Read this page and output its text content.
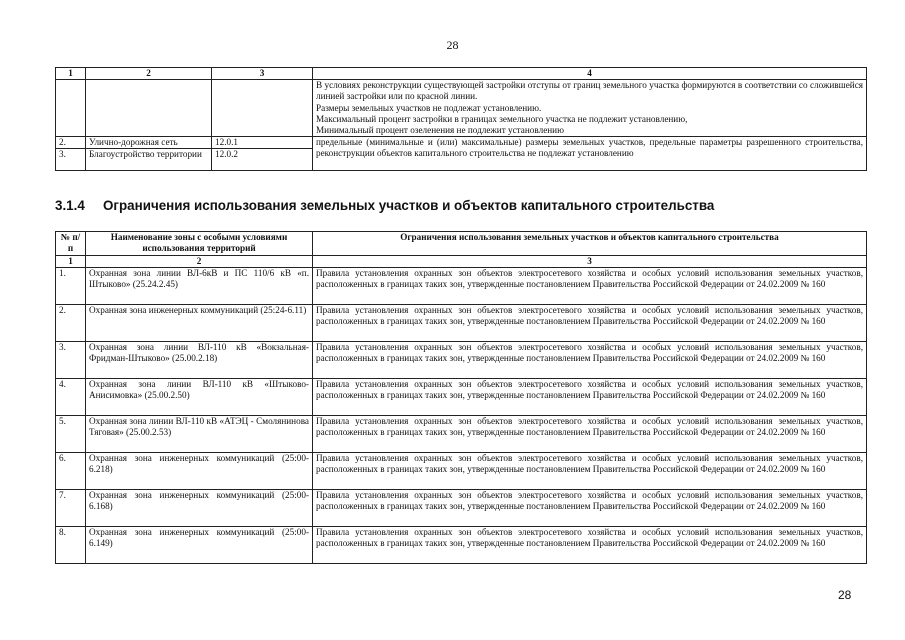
28
1	2	3	4
			В условиях реконструкции существующей застройки отступы от границ земельного участка формируются в соответствии со сложившейся линией застройки или по красной линии.
Размеры земельных участков не подлежат установлению.
Максимальный процент застройки в границах земельного участка не подлежит установлению,
Минимальный процент озеленения не подлежит установлению
2.	Улично-дорожная сеть	12.0.1	предельные (минимальные и (или) максимальные) размеры земельных участков, предельные параметры разрешенного строительства, реконструкции объектов капитального строительства не подлежат установлению
3.	Благоустройство территории	12.0.2	
3.1.4 Ограничения использования земельных участков и объектов капитального строительства
№ п/п	Наименование зоны с особыми условиями использования территорий	Ограничения использования земельных участков и объектов капитального строительства
1	2	3
1.	Охранная зона линии ВЛ-6кВ и ПС 110/6 кВ «п. Штыково» (25.24.2.45)	Правила установления охранных зон объектов электросетевого хозяйства и особых условий использования земельных участков, расположенных в границах таких зон, утвержденные постановлением Правительства Российской Федерации от 24.02.2009 № 160
2.	Охранная зона инженерных коммуникаций (25:24-6.11)	Правила установления охранных зон объектов электросетевого хозяйства и особых условий использования земельных участков, расположенных в границах таких зон, утвержденные постановлением Правительства Российской Федерации от 24.02.2009 № 160
3.	Охранная зона линии ВЛ-110 кВ «Вокзальная-Фридман-Штыково» (25.00.2.18)	Правила установления охранных зон объектов электросетевого хозяйства и особых условий использования земельных участков, расположенных в границах таких зон, утвержденные постановлением Правительства Российской Федерации от 24.02.2009 № 160
4.	Охранная зона линии ВЛ-110 кВ «Штыково-Анисимовка» (25.00.2.50)	Правила установления охранных зон объектов электросетевого хозяйства и особых условий использования земельных участков, расположенных в границах таких зон, утвержденные постановлением Правительства Российской Федерации от 24.02.2009 № 160
5.	Охранная зона линии ВЛ-110 кВ «АТЭЦ - Смолянинова Тяговая» (25.00.2.53)	Правила установления охранных зон объектов электросетевого хозяйства и особых условий использования земельных участков, расположенных в границах таких зон, утвержденные постановлением Правительства Российской Федерации от 24.02.2009 № 160
6.	Охранная зона инженерных коммуникаций (25:00-6.218)	Правила установления охранных зон объектов электросетевого хозяйства и особых условий использования земельных участков, расположенных в границах таких зон, утвержденные постановлением Правительства Российской Федерации от 24.02.2009 № 160
7.	Охранная зона инженерных коммуникаций (25:00-6.168)	Правила установления охранных зон объектов электросетевого хозяйства и особых условий использования земельных участков, расположенных в границах таких зон, утвержденные постановлением Правительства Российской Федерации от 24.02.2009 № 160
8.	Охранная зона инженерных коммуникаций (25:00-6.149)	Правила установления охранных зон объектов электросетевого хозяйства и особых условий использования земельных участков, расположенных в границах таких зон, утвержденные постановлением Правительства Российской Федерации от 24.02.2009 № 160
28
